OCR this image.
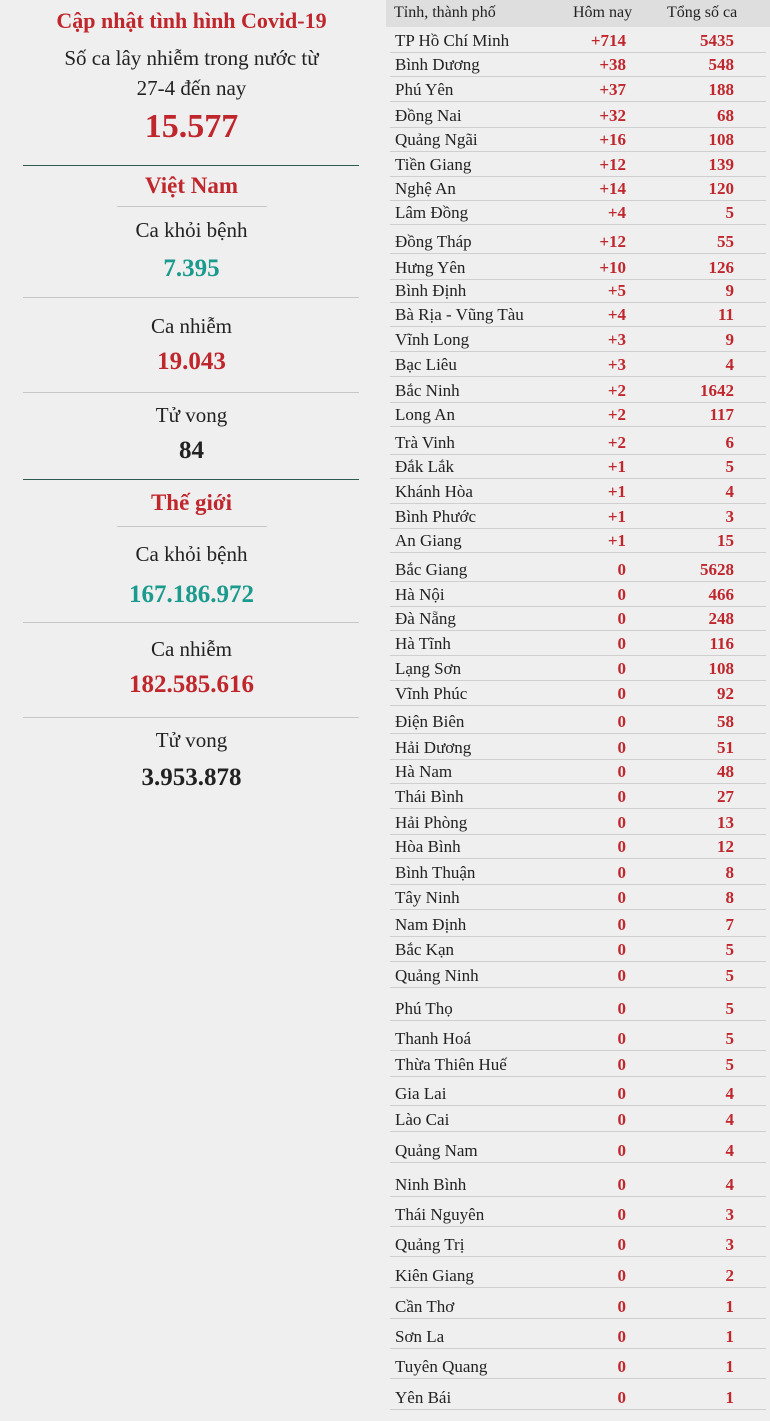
Cập nhật tình hình Covid-19
Số ca lây nhiễm trong nước từ
27-4 đến nay
15.577
Việt Nam
Ca khỏi bệnh
7.395
Ca nhiễm
19.043
Tử vong
84
Thế giới
Ca khỏi bệnh
167.186.972
Ca nhiễm
182.585.616
Tử vong
3.953.878
Tỉnh, thành phố	Hôm nay Tổng số ca
TP Hồ Chí Minh	+714	5435
Bình Dương	+38	548
Phú Yên	+37	188
Đồng Nai	+32	68
Quảng Ngãi	+16	108
Tiền Giang	+12	139
Nghệ An	+14	120
Lâm Đồng	+4	5
Đồng Tháp	+12	55
Hưng Yên	+10	126
Bình Định	+5	9
Bà Rịa - Vũng Tàu	+4	11
Vĩnh Long	+3	9
Bạc Liêu	+3	4
Bắc Ninh	+2	1642
Long An	+2	117
Trà Vinh	+2	6
Đắk Lắk	+1	5
Khánh Hòa	+1	4
Bình Phước	+1	3
An Giang	+1	15
Bắc Giang	0	5628
Hà Nội	0	466
Đà Nẵng	0	248
Hà Tĩnh	0	116
Lạng Sơn	0	108
Vĩnh Phúc	0	92
Điện Biên	0	58
Hải Dương	0	51
Hà Nam	0	48
Thái Bình	0	27
Hải Phòng	0	13
Hòa Bình	0	12
Bình Thuận	0	8
Tây Ninh	0	8
Nam Định	0	7
Bắc Kạn	0	5
Quảng Ninh	0	5
Phú Thọ	0	5
Thanh Hoá	0	5
Thừa Thiên Huế	0	5
Gia Lai	0	4
Lào Cai	0	4
Quảng Nam	0	4
Ninh Bình	0	4
Thái Nguyên	0	3
Quảng Trị	0	3
Kiên Giang	0	2
Cần Thơ	0	1
Sơn La	0	1
Tuyên Quang	0	1
Yên Bái	0	1
